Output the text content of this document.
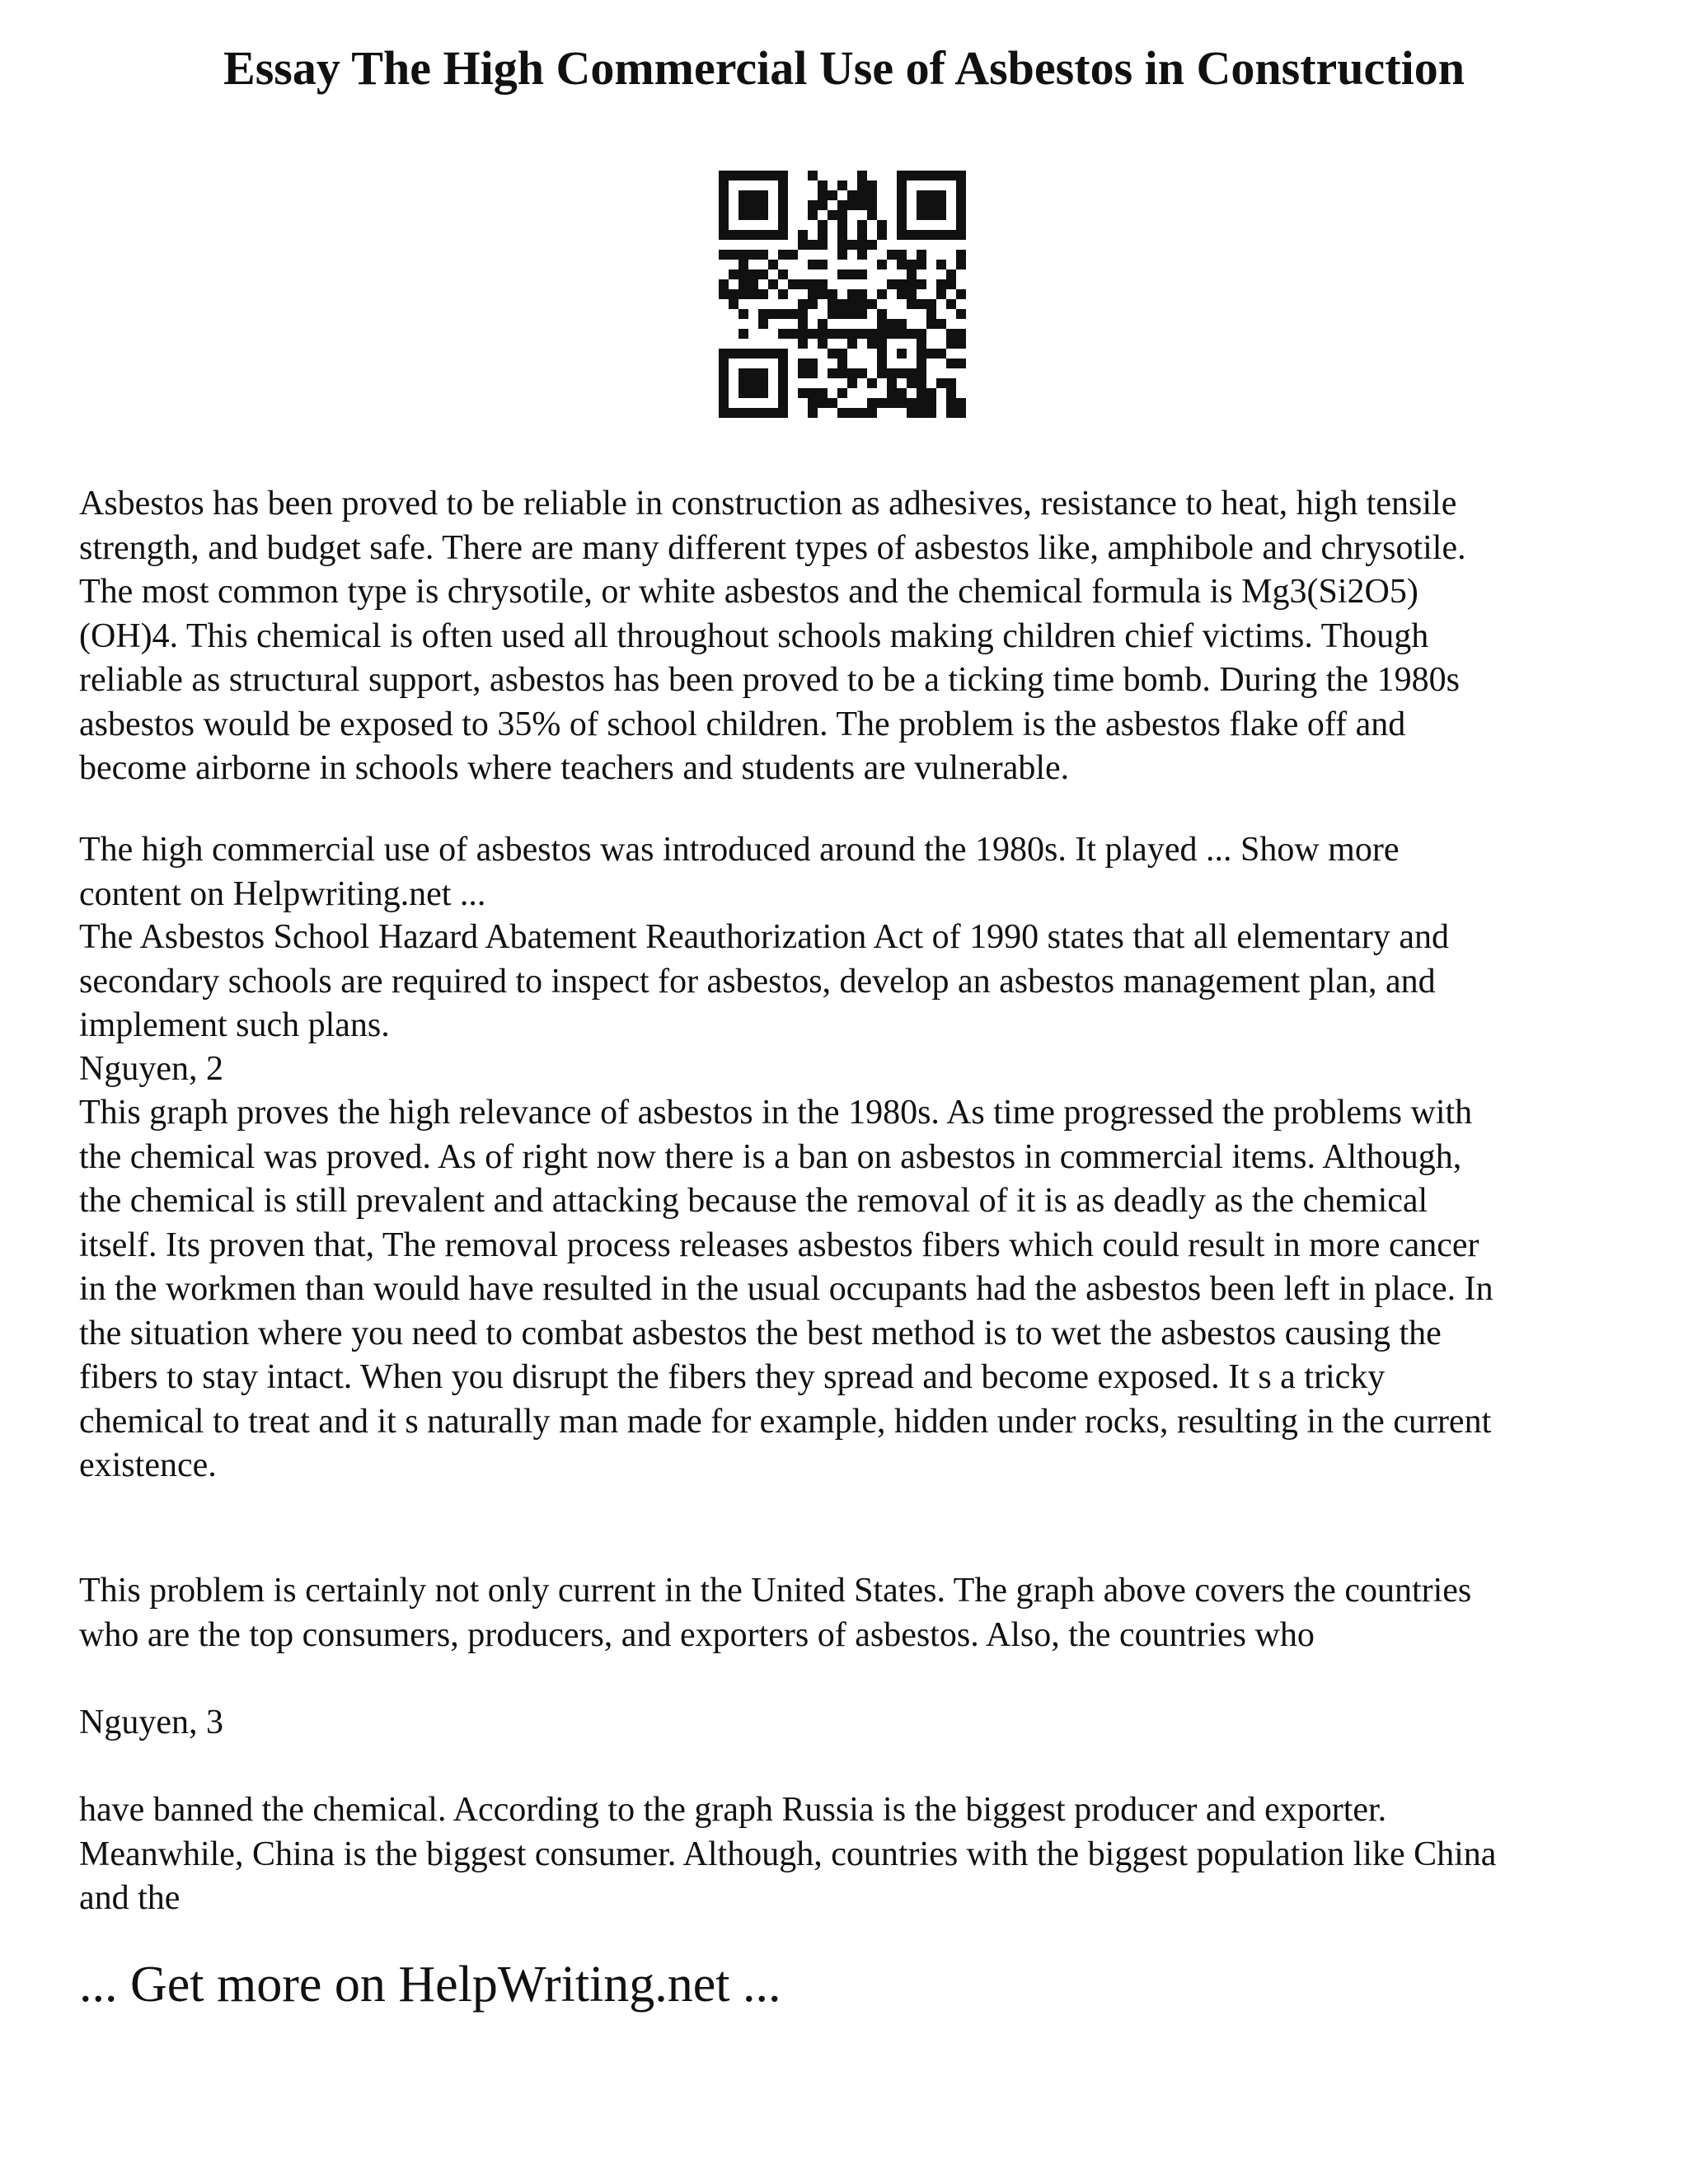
Essay The High Commercial Use of Asbestos in Construction

Asbestos has been proved to be reliable in construction as adhesives, resistance to heat, high tensile
strength, and budget safe. There are many different types of asbestos like, amphibole and chrysotile.
The most common type is chrysotile, or white asbestos and the chemical formula is Mg3(Si2O5)
(OH)4. This chemical is often used all throughout schools making children chief victims. Though
reliable as structural support, asbestos has been proved to be a ticking time bomb. During the 1980s
asbestos would be exposed to 35% of school children. The problem is the asbestos flake off and
become airborne in schools where teachers and students are vulnerable.

The high commercial use of asbestos was introduced around the 1980s. It played ... Show more
content on Helpwriting.net ...

The Asbestos School Hazard Abatement Reauthorization Act of 1990 states that all elementary and
secondary schools are required to inspect for asbestos, develop an asbestos management plan, and
implement such plans.

Nguyen, 2

This graph proves the high relevance of asbestos in the 1980s. As time progressed the problems with
the chemical was proved. As of right now there is a ban on asbestos in commercial items. Although,
the chemical is still prevalent and attacking because the removal of it is as deadly as the chemical
itself. Its proven that, The removal process releases asbestos fibers which could result in more cancer
in the workmen than would have resulted in the usual occupants had the asbestos been left in place. In
the situation where you need to combat asbestos the best method is to wet the asbestos causing the
fibers to stay intact. When you disrupt the fibers they spread and become exposed. It s a tricky
chemical to treat and it s naturally man made for example, hidden under rocks, resulting in the current
existence.

This problem is certainly not only current in the United States. The graph above covers the countries
who are the top consumers, producers, and exporters of asbestos. Also, the countries who

Nguyen, 3

have banned the chemical. According to the graph Russia is the biggest producer and exporter.
Meanwhile, China is the biggest consumer. Although, countries with the biggest population like China
and the

... Get more on HelpWriting.net ...
